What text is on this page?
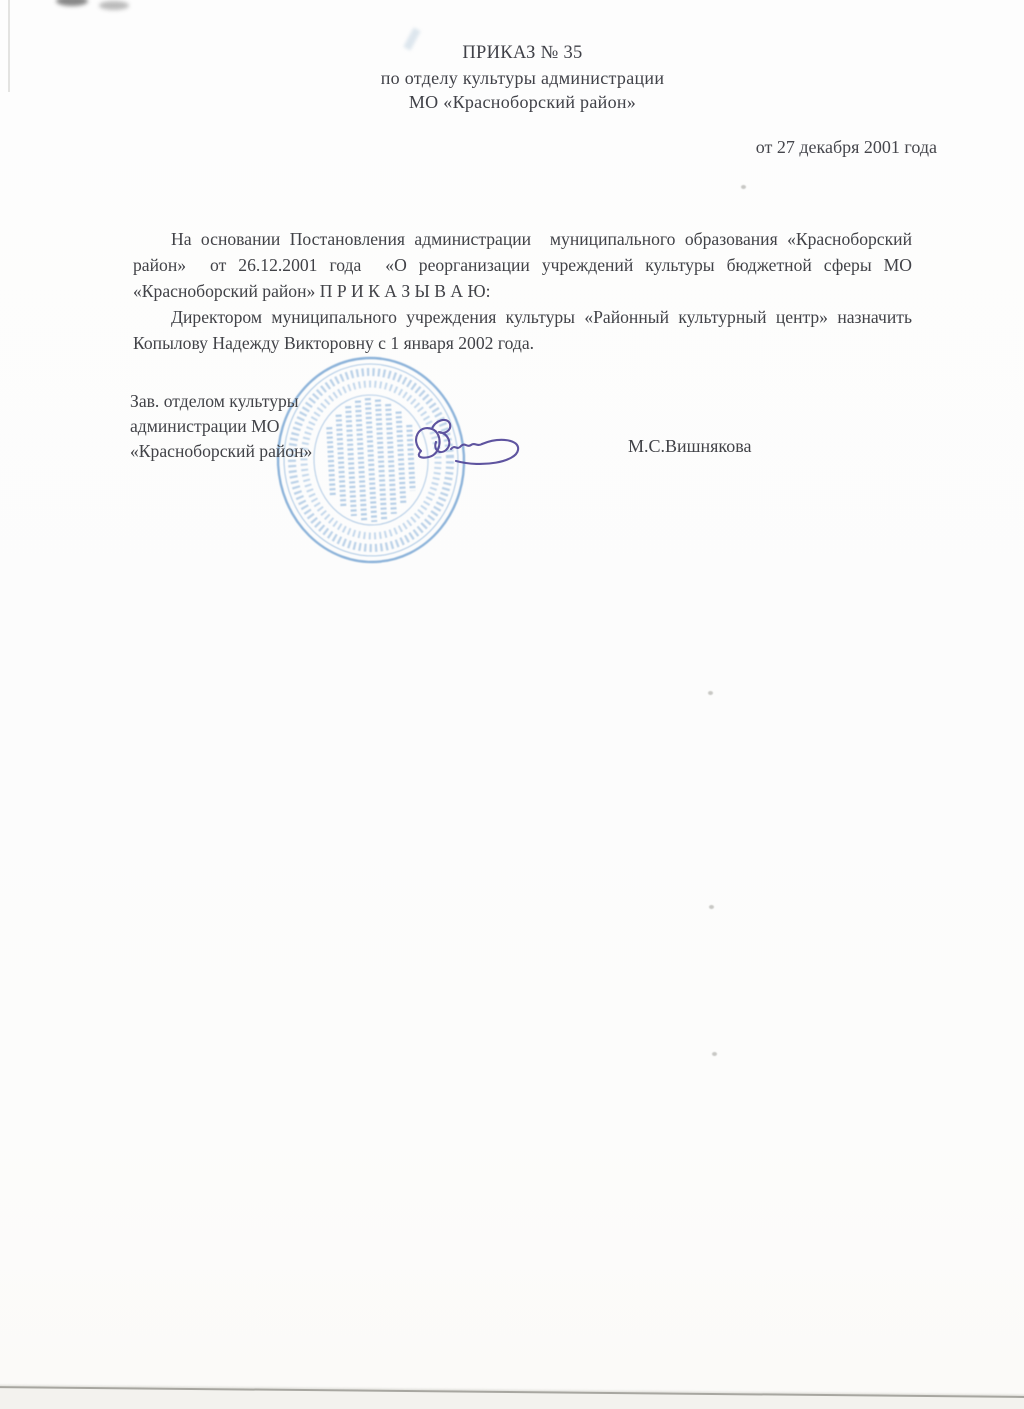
ПРИКАЗ № 35
по отделу культуры администрации
МО «Красноборский район»
от 27 декабря 2001 года

На основании Постановления администрации  муниципального образования «Красноборский район»  от 26.12.2001 года  «О реорганизации учреждений культуры бюджетной сферы МО «Красноборский район» П Р И К А З Ы В А Ю:

Директором муниципального учреждения культуры «Районный культурный центр» назначить Копылову Надежду Викторовну с 1 января 2002 года.

Зав. отделом культуры
администрации МО
«Красноборский район»	М.С.Вишнякова
